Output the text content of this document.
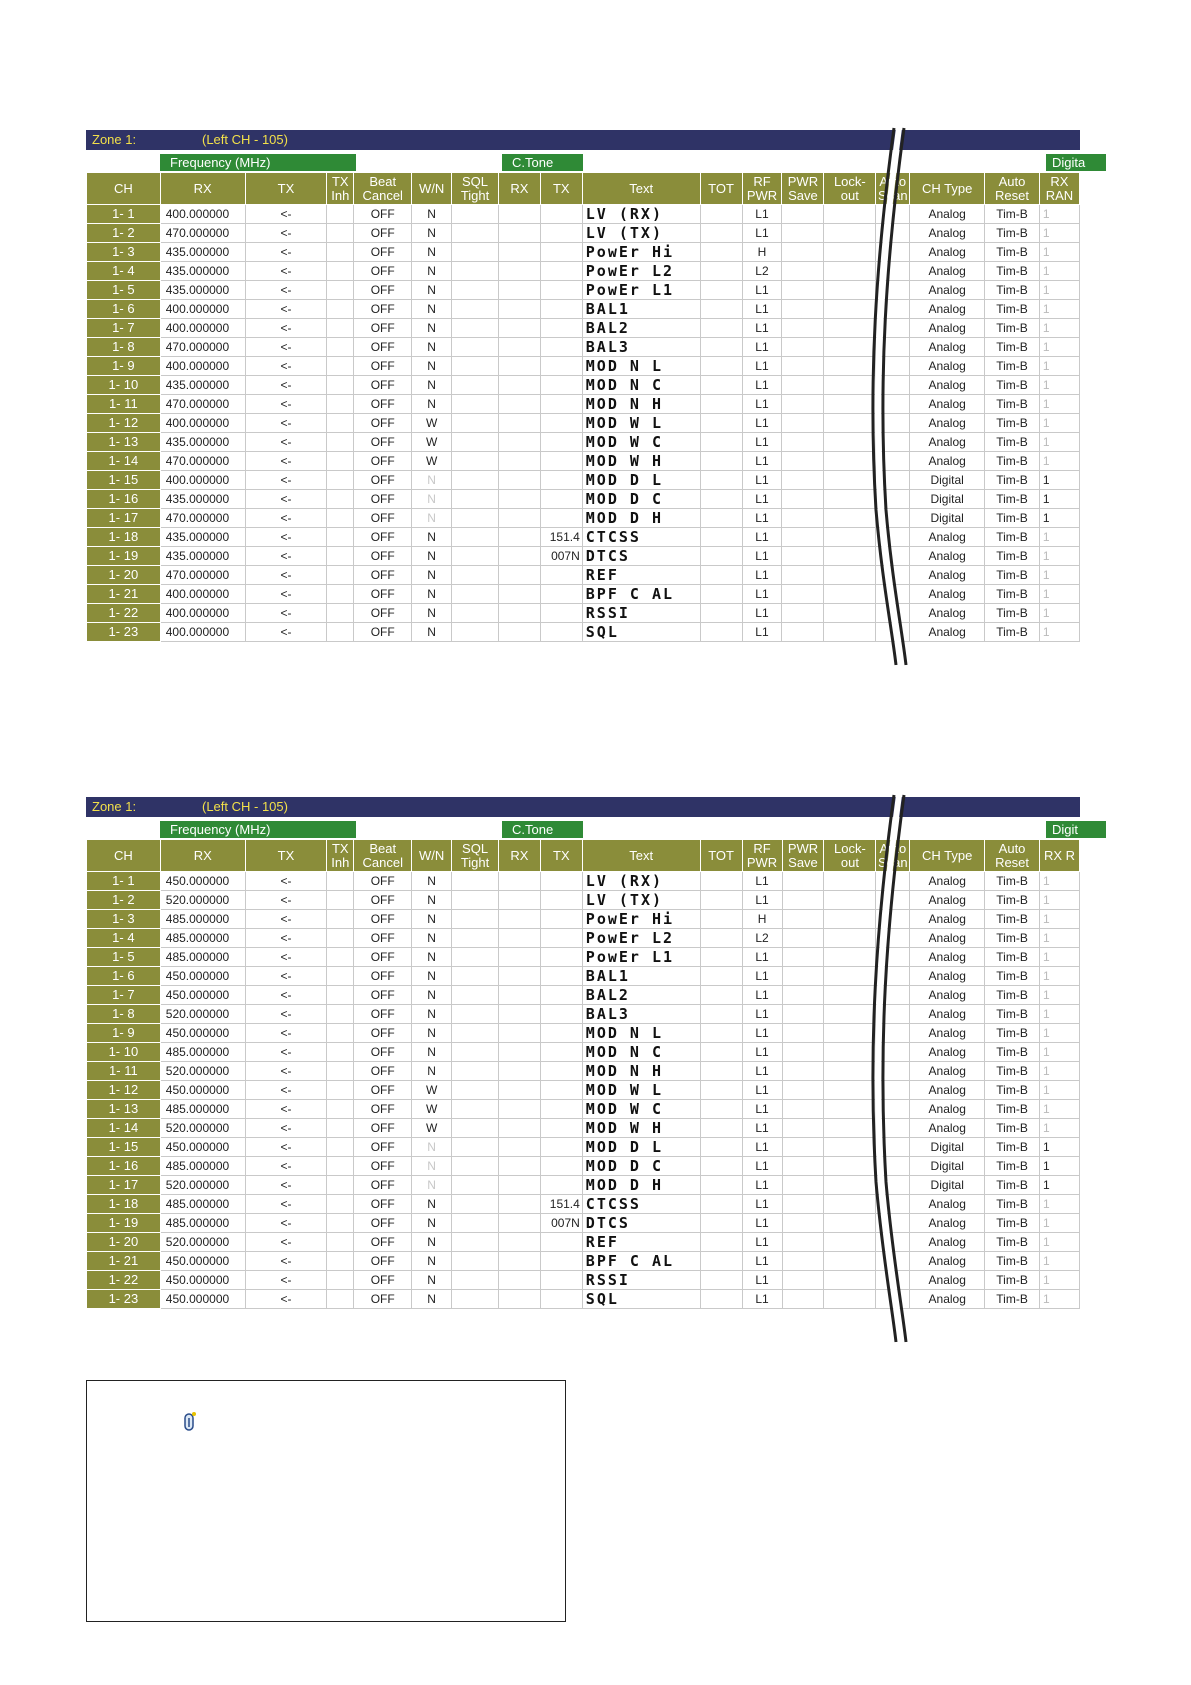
Zone 1:	(Left CH - 105)
Frequency (MHz)	C.Tone	Digita
CH	RX	TX	TX Inh	Beat Cancel	W/N	SQL Tight	RX	TX	Text	TOT	RF PWR	PWR Save	Lock- out	Auto Scan	CH Type	Auto Reset	RX RAN
1- 1	400.000000	<-		OFF	N				LV (RX)		L1				Analog	Tim-B	1
1- 2	470.000000	<-		OFF	N				LV (TX)		L1				Analog	Tim-B	1
1- 3	435.000000	<-		OFF	N				PowEr Hi		H				Analog	Tim-B	1
1- 4	435.000000	<-		OFF	N				PowEr L2		L2				Analog	Tim-B	1
1- 5	435.000000	<-		OFF	N				PowEr L1		L1				Analog	Tim-B	1
1- 6	400.000000	<-		OFF	N				BAL1		L1				Analog	Tim-B	1
1- 7	400.000000	<-		OFF	N				BAL2		L1				Analog	Tim-B	1
1- 8	470.000000	<-		OFF	N				BAL3		L1				Analog	Tim-B	1
1- 9	400.000000	<-		OFF	N				MOD N L		L1				Analog	Tim-B	1
1- 10	435.000000	<-		OFF	N				MOD N C		L1				Analog	Tim-B	1
1- 11	470.000000	<-		OFF	N				MOD N H		L1				Analog	Tim-B	1
1- 12	400.000000	<-		OFF	W				MOD W L		L1				Analog	Tim-B	1
1- 13	435.000000	<-		OFF	W				MOD W C		L1				Analog	Tim-B	1
1- 14	470.000000	<-		OFF	W				MOD W H		L1				Analog	Tim-B	1
1- 15	400.000000	<-		OFF	N				MOD D L		L1				Digital	Tim-B	1
1- 16	435.000000	<-		OFF	N				MOD D C		L1				Digital	Tim-B	1
1- 17	470.000000	<-		OFF	N				MOD D H		L1				Digital	Tim-B	1
1- 18	435.000000	<-		OFF	N			151.4	CTCSS		L1				Analog	Tim-B	1
1- 19	435.000000	<-		OFF	N			007N	DTCS		L1				Analog	Tim-B	1
1- 20	470.000000	<-		OFF	N				REF		L1				Analog	Tim-B	1
1- 21	400.000000	<-		OFF	N				BPF C AL		L1				Analog	Tim-B	1
1- 22	400.000000	<-		OFF	N				RSSI		L1				Analog	Tim-B	1
1- 23	400.000000	<-		OFF	N				SQL		L1				Analog	Tim-B	1
Zone 1:	(Left CH - 105)
Frequency (MHz)	C.Tone	Digit
CH	RX	TX	TX Inh	Beat Cancel	W/N	SQL Tight	RX	TX	Text	TOT	RF PWR	PWR Save	Lock- out	Auto Scan	CH Type	Auto Reset	RX R
1- 1	450.000000	<-		OFF	N				LV (RX)		L1				Analog	Tim-B	1
1- 2	520.000000	<-		OFF	N				LV (TX)		L1				Analog	Tim-B	1
1- 3	485.000000	<-		OFF	N				PowEr Hi		H				Analog	Tim-B	1
1- 4	485.000000	<-		OFF	N				PowEr L2		L2				Analog	Tim-B	1
1- 5	485.000000	<-		OFF	N				PowEr L1		L1				Analog	Tim-B	1
1- 6	450.000000	<-		OFF	N				BAL1		L1				Analog	Tim-B	1
1- 7	450.000000	<-		OFF	N				BAL2		L1				Analog	Tim-B	1
1- 8	520.000000	<-		OFF	N				BAL3		L1				Analog	Tim-B	1
1- 9	450.000000	<-		OFF	N				MOD N L		L1				Analog	Tim-B	1
1- 10	485.000000	<-		OFF	N				MOD N C		L1				Analog	Tim-B	1
1- 11	520.000000	<-		OFF	N				MOD N H		L1				Analog	Tim-B	1
1- 12	450.000000	<-		OFF	W				MOD W L		L1				Analog	Tim-B	1
1- 13	485.000000	<-		OFF	W				MOD W C		L1				Analog	Tim-B	1
1- 14	520.000000	<-		OFF	W				MOD W H		L1				Analog	Tim-B	1
1- 15	450.000000	<-		OFF	N				MOD D L		L1				Digital	Tim-B	1
1- 16	485.000000	<-		OFF	N				MOD D C		L1				Digital	Tim-B	1
1- 17	520.000000	<-		OFF	N				MOD D H		L1				Digital	Tim-B	1
1- 18	485.000000	<-		OFF	N			151.4	CTCSS		L1				Analog	Tim-B	1
1- 19	485.000000	<-		OFF	N			007N	DTCS		L1				Analog	Tim-B	1
1- 20	520.000000	<-		OFF	N				REF		L1				Analog	Tim-B	1
1- 21	450.000000	<-		OFF	N				BPF C AL		L1				Analog	Tim-B	1
1- 22	450.000000	<-		OFF	N				RSSI		L1				Analog	Tim-B	1
1- 23	450.000000	<-		OFF	N				SQL		L1				Analog	Tim-B	1
